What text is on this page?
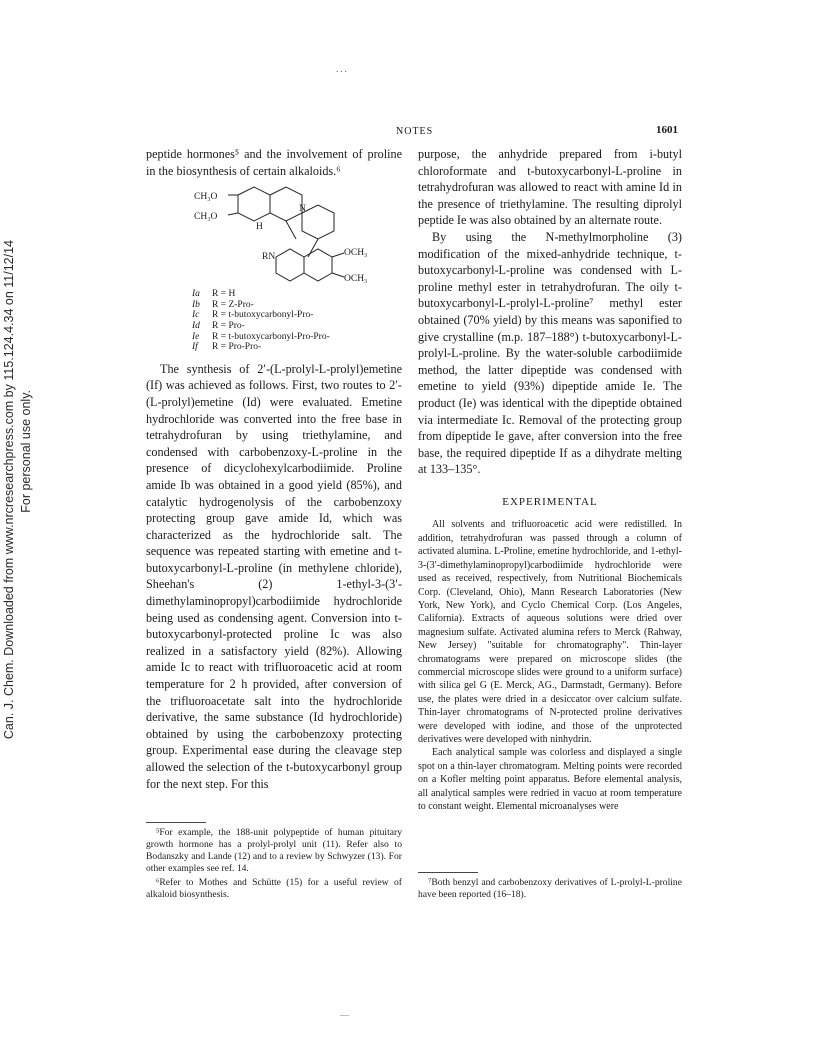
Can. J. Chem. Downloaded from www.nrcresearchpress.com by 115.124.4.34 on 11/12/14 For personal use only.
...
NOTES	1601

peptide hormones⁵ and the involvement of proline in the biosynthesis of certain alkaloids.⁶

CH₃O
CH₃O
H
N
RN	OCH₃
OCH₃
Ia	R = H
Ib	R = Z-Pro-
Ic	R = t-butoxycarbonyl-Pro-
Id	R = Pro-
Ie	R = t-butoxycarbonyl-Pro-Pro-
If	R = Pro-Pro-

The synthesis of 2′-(L-prolyl-L-prolyl)emetine (If) was achieved as follows. First, two routes to 2′-(L-prolyl)emetine (Id) were evaluated. Emetine hydrochloride was converted into the free base in tetrahydrofuran by using triethylamine, and condensed with carbobenzoxy-L-proline in the presence of dicyclohexylcarbodiimide. Proline amide Ib was obtained in a good yield (85%), and catalytic hydrogenolysis of the carbobenzoxy protecting group gave amide Id, which was characterized as the hydrochloride salt. The sequence was repeated starting with emetine and t-butoxycarbonyl-L-proline (in methylene chloride), Sheehan's (2) 1-ethyl-3-(3′-dimethylaminopropyl)carbodiimide hydrochloride being used as condensing agent. Conversion into t-butoxycarbonyl-protected proline Ic was also realized in a satisfactory yield (82%). Allowing amide Ic to react with trifluoroacetic acid at room temperature for 2 h provided, after conversion of the trifluoroacetate salt into the hydrochloride derivative, the same substance (Id hydrochloride) obtained by using the carbobenzoxy protecting group. Experimental ease during the cleavage step allowed the selection of the t-butoxycarbonyl group for the next step. For this

⁵For example, the 188-unit polypeptide of human pituitary growth hormone has a prolyl-prolyl unit (11). Refer also to Bodanszky and Lande (12) and to a review by Schwyzer (13). For other examples see ref. 14.

⁶Refer to Mothes and Schütte (15) for a useful review of alkaloid biosynthesis.

purpose, the anhydride prepared from i-butyl chloroformate and t-butoxycarbonyl-L-proline in tetrahydrofuran was allowed to react with amine Id in the presence of triethylamine. The resulting diprolyl peptide Ie was also obtained by an alternate route.

By using the N-methylmorpholine (3) modification of the mixed-anhydride technique, t-butoxycarbonyl-L-proline was condensed with L-proline methyl ester in tetrahydrofuran. The oily t-butoxycarbonyl-L-prolyl-L-proline⁷ methyl ester obtained (70% yield) by this means was saponified to give crystalline (m.p. 187–188°) t-butoxycarbonyl-L-prolyl-L-proline. By the water-soluble carbodiimide method, the latter dipeptide was condensed with emetine to yield (93%) dipeptide amide Ie. The product (Ie) was identical with the dipeptide obtained via intermediate Ic. Removal of the protecting group from dipeptide Ie gave, after conversion into the free base, the required dipeptide If as a dihydrate melting at 133–135°.

EXPERIMENTAL

All solvents and trifluoroacetic acid were redistilled. In addition, tetrahydrofuran was passed through a column of activated alumina. L-Proline, emetine hydrochloride, and 1-ethyl-3-(3′-dimethylaminopropyl)carbodiimide hydrochloride were used as received, respectively, from Nutritional Biochemicals Corp. (Cleveland, Ohio), Mann Research Laboratories (New York, New York), and Cyclo Chemical Corp. (Los Angeles, California). Extracts of aqueous solutions were dried over magnesium sulfate. Activated alumina refers to Merck (Rahway, New Jersey) "suitable for chromatography". Thin-layer chromatograms were prepared on microscope slides (the commercial microscope slides were ground to a uniform surface) with silica gel G (E. Merck, AG., Darmstadt, Germany). Before use, the plates were dried in a desiccator over calcium sulfate. Thin-layer chromatograms of N-protected proline derivatives were developed with iodine, and those of the unprotected derivatives were developed with ninhydrin.

Each analytical sample was colorless and displayed a single spot on a thin-layer chromatogram. Melting points were recorded on a Kofler melting point apparatus. Before elemental analysis, all analytical samples were redried in vacuo at room temperature to constant weight. Elemental microanalyses were

⁷Both benzyl and carbobenzoxy derivatives of L-prolyl-L-proline have been reported (16–18).

—
